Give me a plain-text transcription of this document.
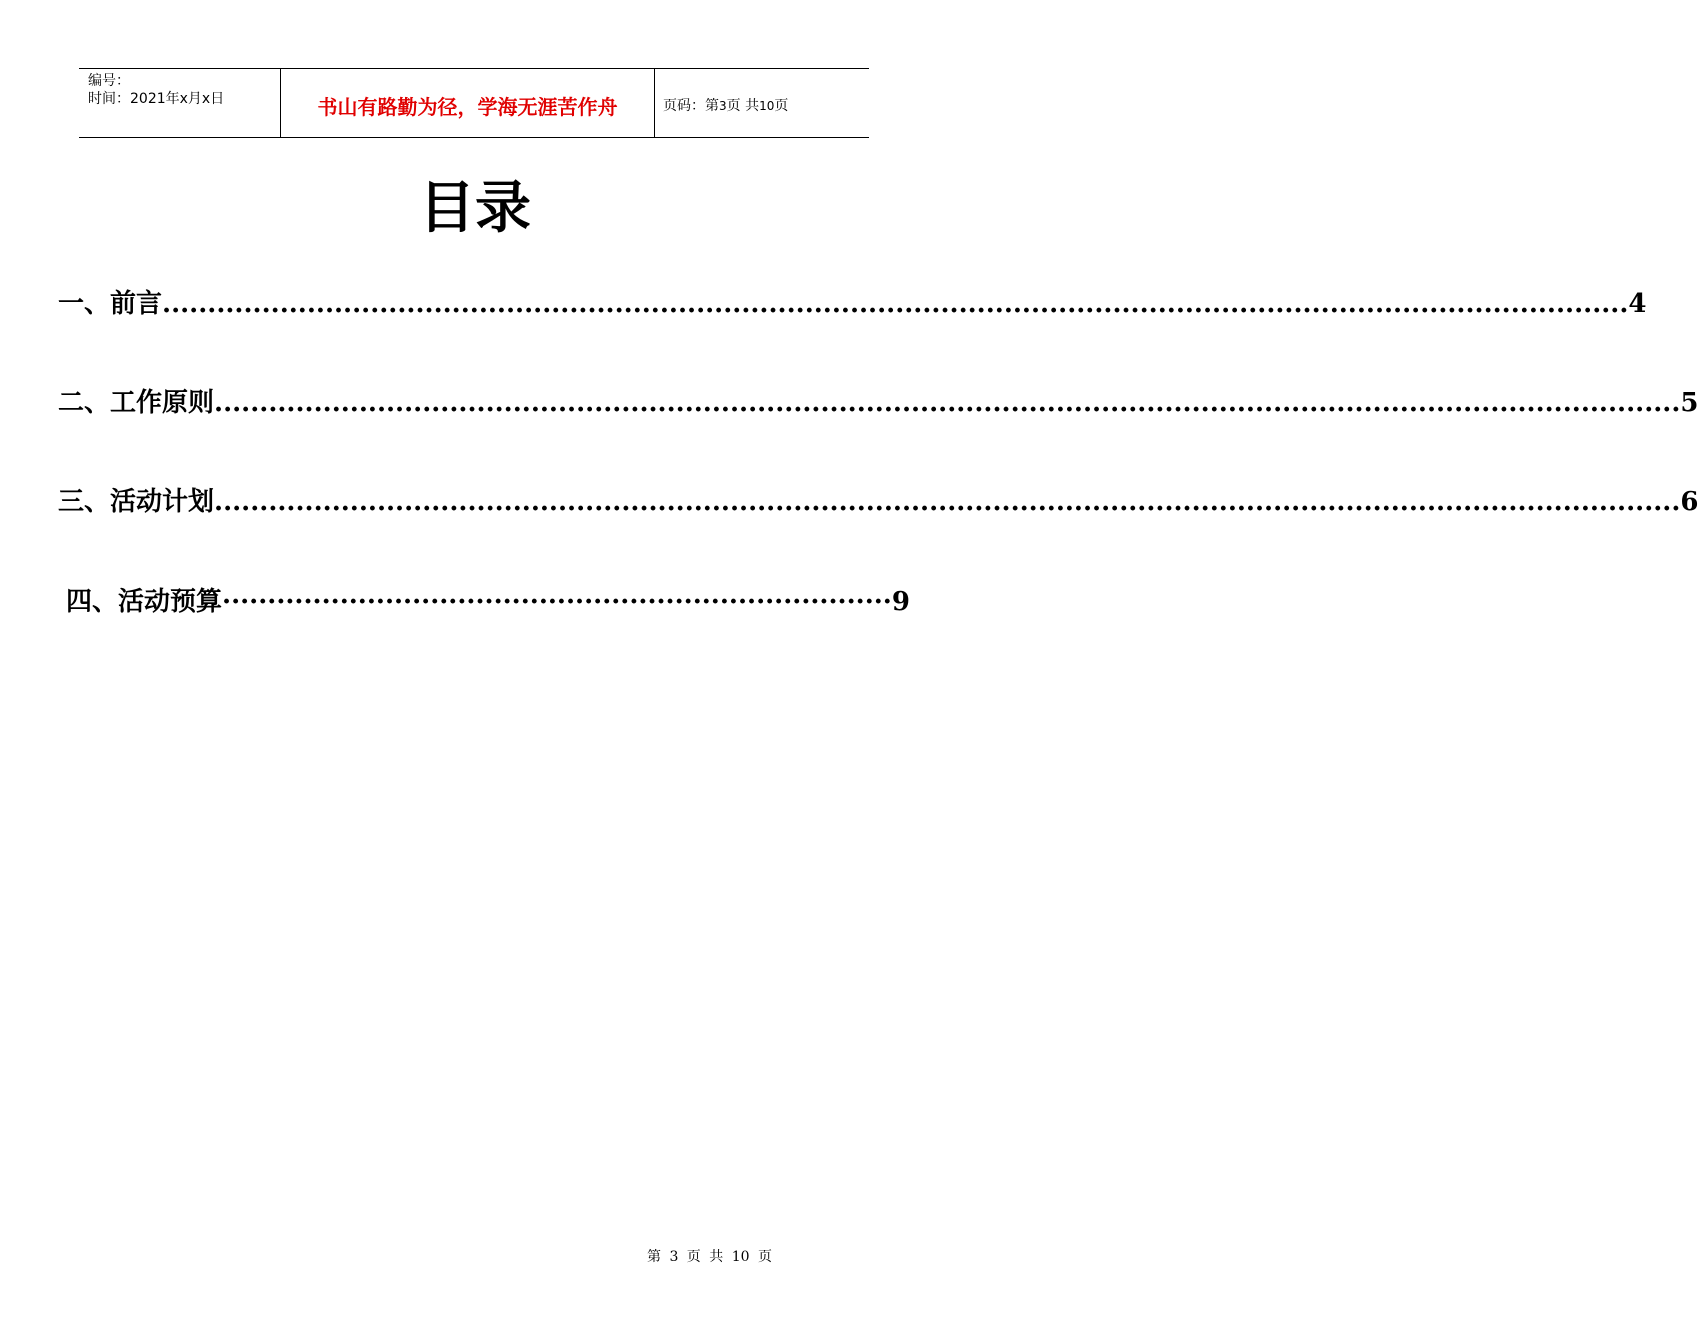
编号：
时间：2021年x月x日	书山有路勤为径，学海无涯苦作舟	页码：第3页 共10页
目录
一、前言 .................................................................................................................................................................. 4
二、工作原则 .................................................................................................................................................................. 5
三、活动计划 .................................................................................................................................................................. 6
四、活动预算 ·········································································· 9
第 3 页 共 10 页
